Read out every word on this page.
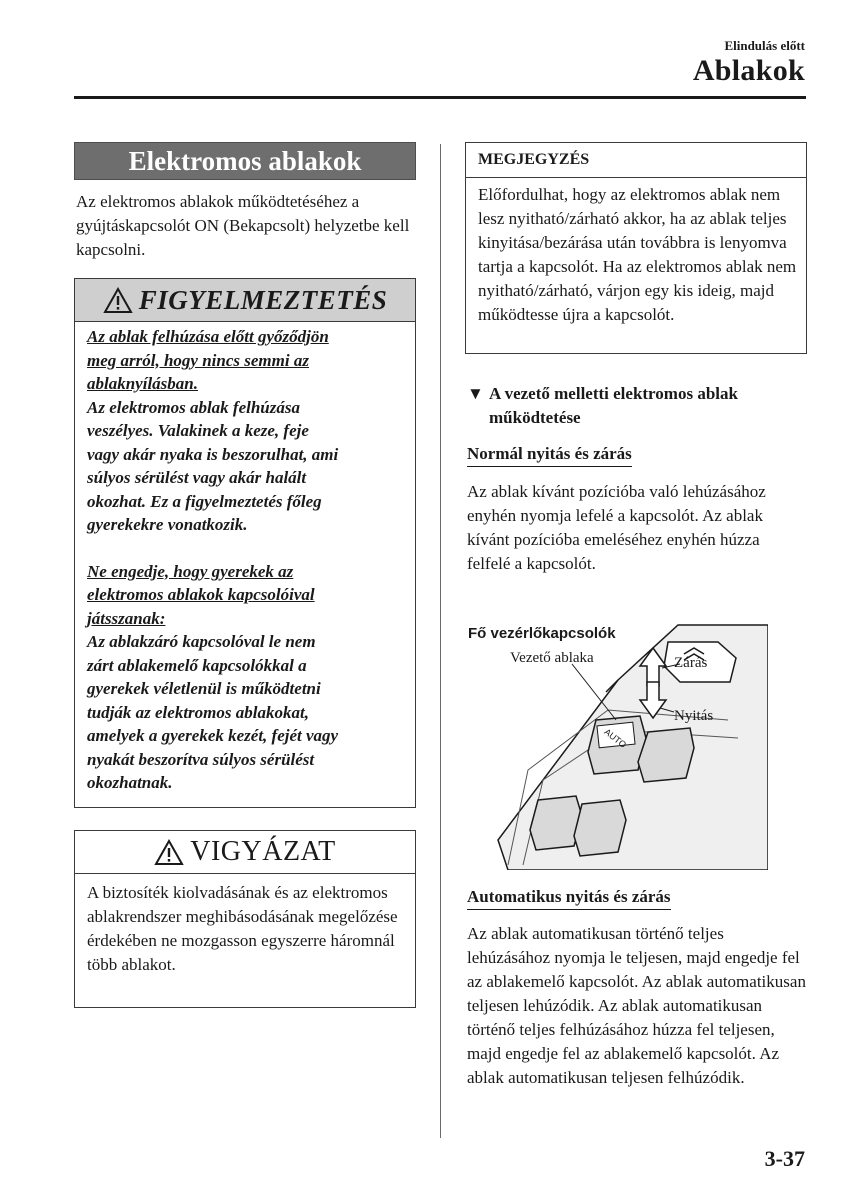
Elindulás előtt
Ablakok
Elektromos ablakok
Az elektromos ablakok működtetéséhez a gyújtáskapcsolót ON (Bekapcsolt) helyzetbe kell kapcsolni.
FIGYELMEZTETÉS
Az ablak felhúzása előtt győződjön
meg arról, hogy nincs semmi az
ablaknyílásban.
Az elektromos ablak felhúzása
veszélyes. Valakinek a keze, feje
vagy akár nyaka is beszorulhat, ami
súlyos sérülést vagy akár halált
okozhat. Ez a figyelmeztetés főleg
gyerekekre vonatkozik.
Ne engedje, hogy gyerekek az
elektromos ablakok kapcsolóival
játsszanak:
Az ablakzáró kapcsolóval le nem
zárt ablakemelő kapcsolókkal a
gyerekek véletlenül is működtetni
tudják az elektromos ablakokat,
amelyek a gyerekek kezét, fejét vagy
nyakát beszorítva súlyos sérülést
okozhatnak.
VIGYÁZAT
A biztosíték kiolvadásának és az elektromos ablakrendszer meghibásodásának megelőzése érdekében ne mozgasson egyszerre háromnál több ablakot.
MEGJEGYZÉS
Előfordulhat, hogy az elektromos ablak nem lesz nyitható/zárható akkor, ha az ablak teljes kinyitása/bezárása után továbbra is lenyomva tartja a kapcsolót. Ha az elektromos ablak nem nyitható/zárható, várjon egy kis ideig, majd működtesse újra a kapcsolót.
▼ A vezető melletti elektromos ablak működtetése
Normál nyitás és zárás
Az ablak kívánt pozícióba való lehúzásához enyhén nyomja lefelé a kapcsolót. Az ablak kívánt pozícióba emeléséhez enyhén húzza felfelé a kapcsolót.
Fő vezérlőkapcsolók
Vezető ablaka	Zárás
Nyitás
AUTO
Automatikus nyitás és zárás
Az ablak automatikusan történő teljes lehúzásához nyomja le teljesen, majd engedje fel az ablakemelő kapcsolót. Az ablak automatikusan teljesen lehúzódik. Az ablak automatikusan történő teljes felhúzásához húzza fel teljesen, majd engedje fel az ablakemelő kapcsolót. Az ablak automatikusan teljesen felhúzódik.
3-37
